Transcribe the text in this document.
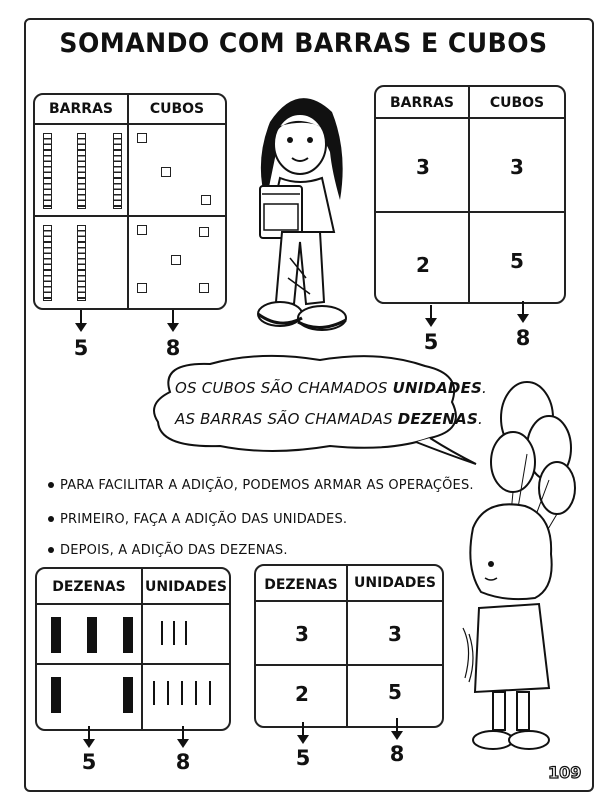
SOMANDO COM BARRAS E CUBOS
BARRAS	CUBOS
5	8
BARRAS	CUBOS
3	3
2	5
5	8
OS CUBOS SÃO CHAMADOS UNIDADES.
AS BARRAS SÃO CHAMADAS DEZENAS.
PARA FACILITAR A ADIÇÃO, PODEMOS ARMAR AS OPERAÇÕES.
PRIMEIRO, FAÇA A ADIÇÃO DAS UNIDADES.
DEPOIS, A ADIÇÃO DAS DEZENAS.
DEZENAS	UNIDADES
5	8
DEZENAS	UNIDADES
3	3
2	5
5	8
109
